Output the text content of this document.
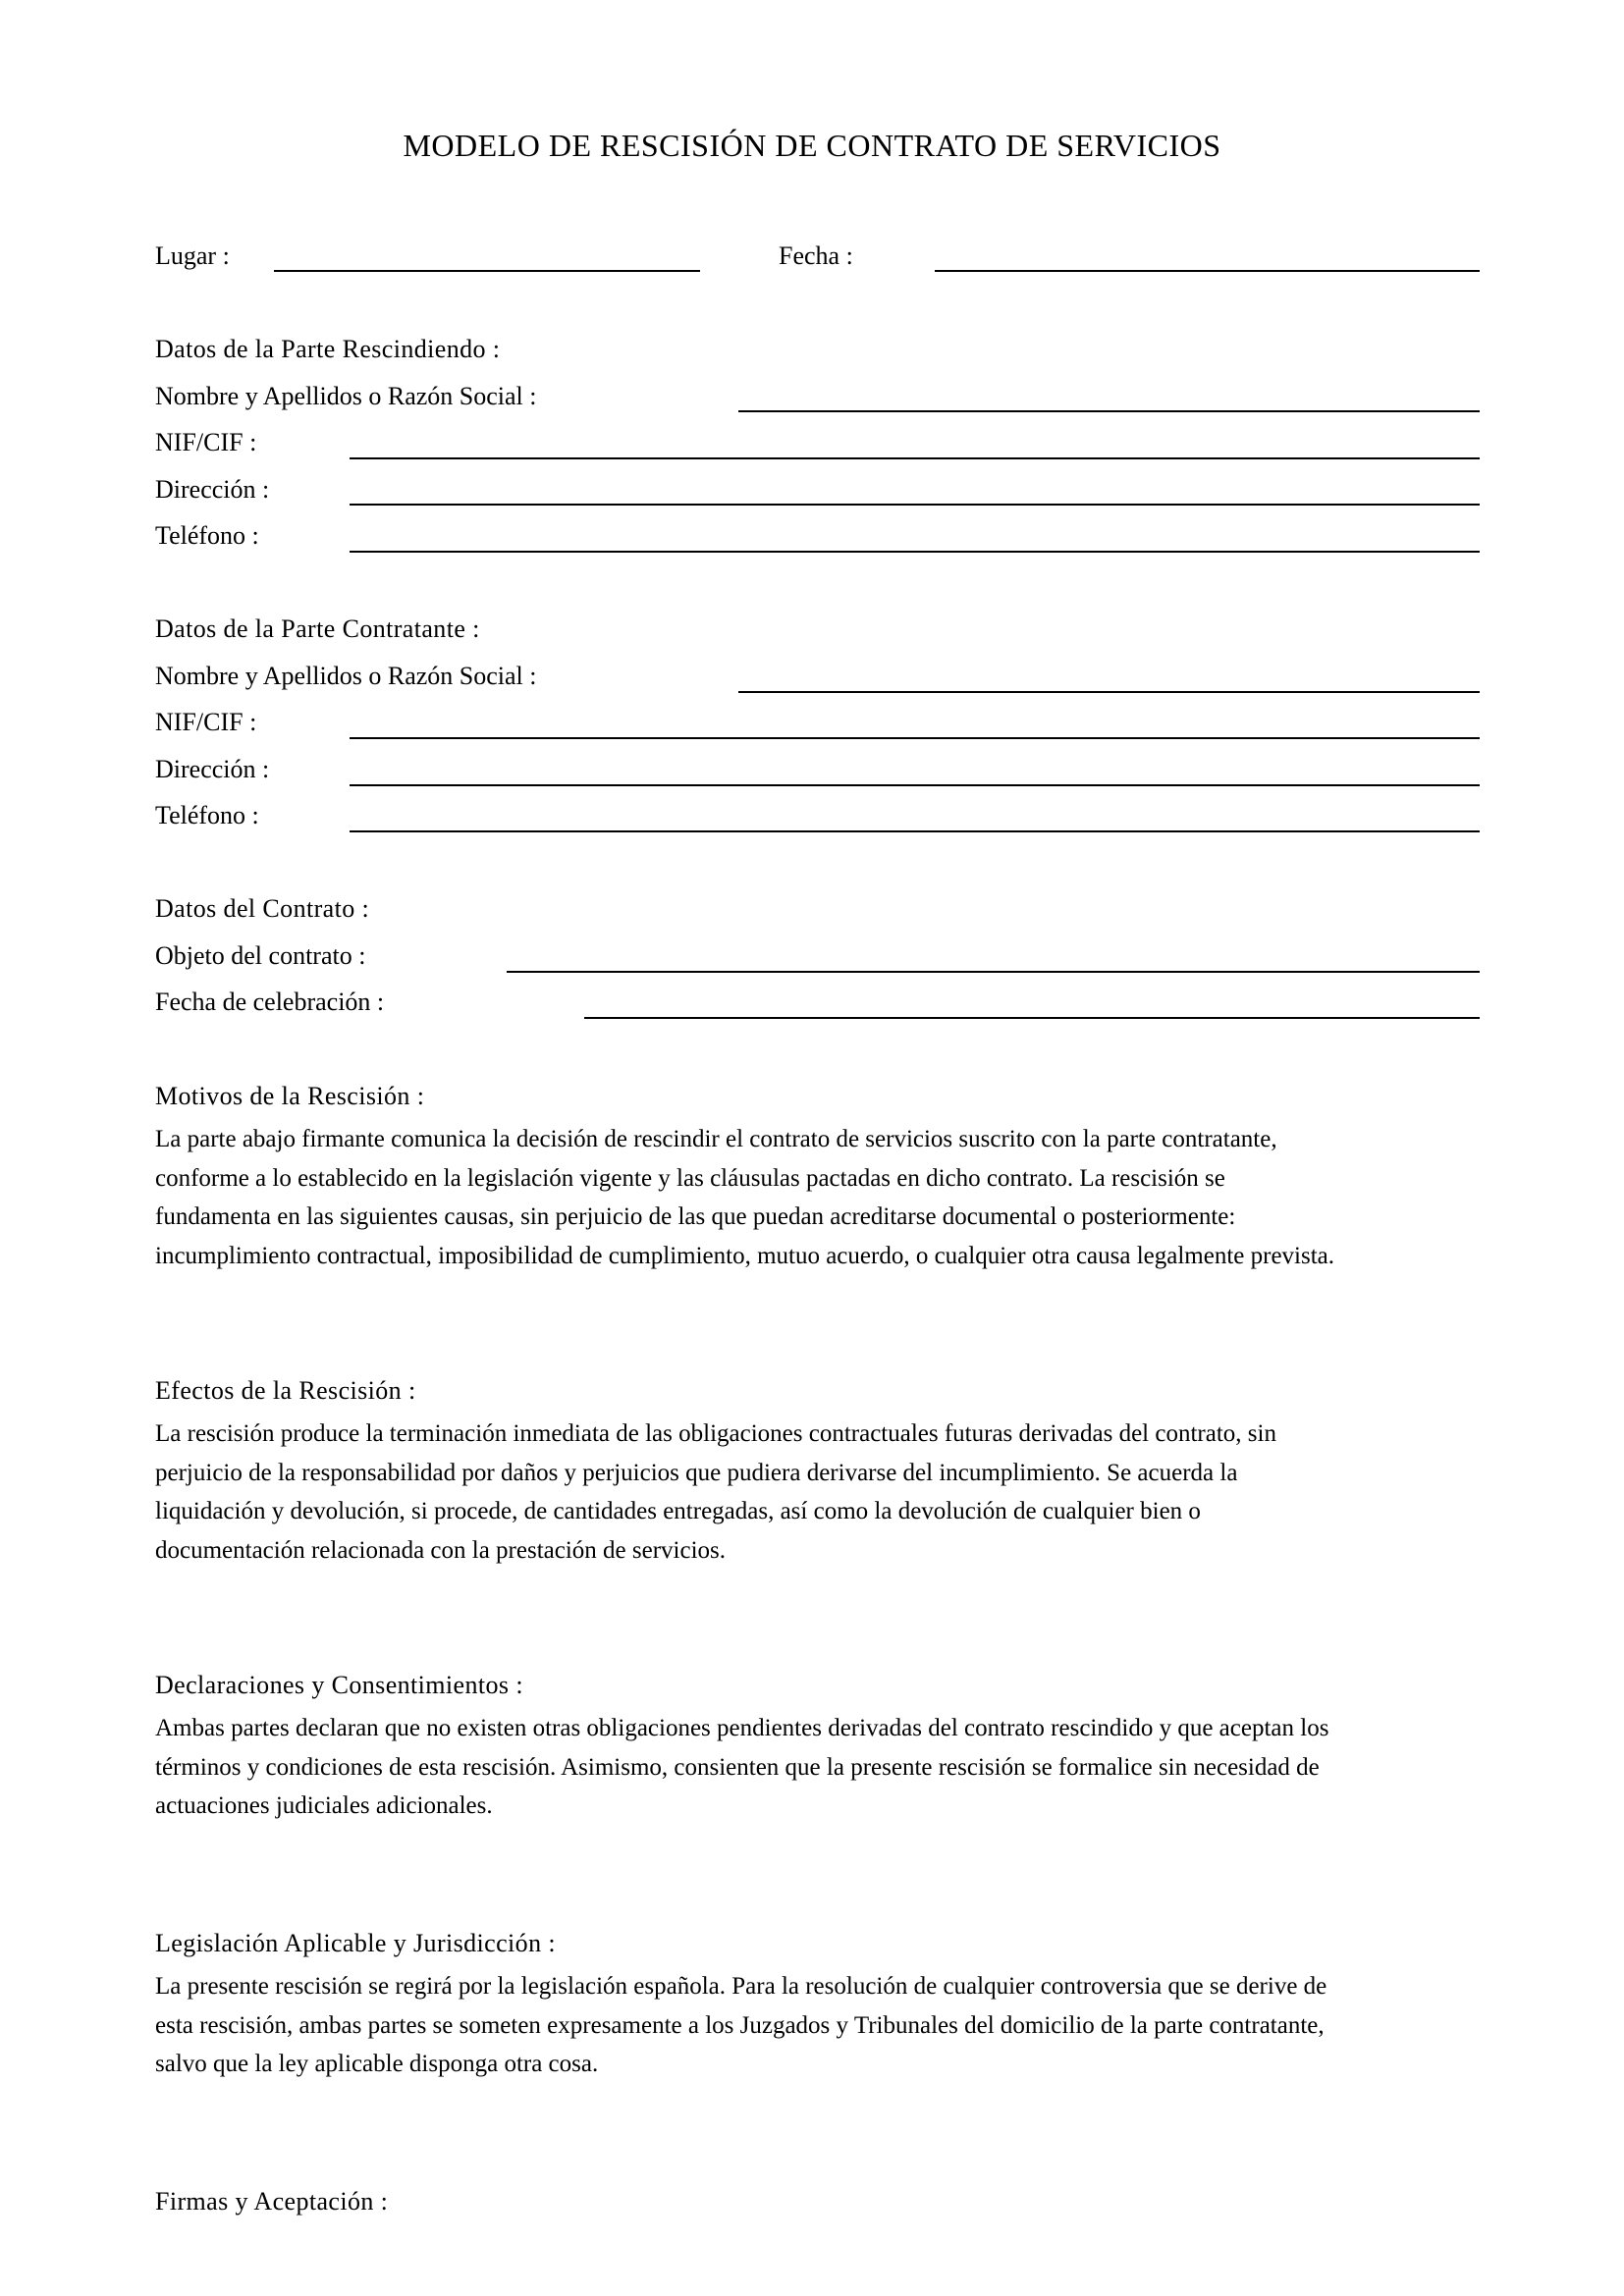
MODELO DE RESCISIÓN DE CONTRATO DE SERVICIOS
Lugar :	Fecha :
Datos de la Parte Rescindiendo :
Nombre y Apellidos o Razón Social :
NIF/CIF :
Dirección :
Teléfono :
Datos de la Parte Contratante :
Nombre y Apellidos o Razón Social :
NIF/CIF :
Dirección :
Teléfono :
Datos del Contrato :
Objeto del contrato :
Fecha de celebración :
Motivos de la Rescisión :
La parte abajo firmante comunica la decisión de rescindir el contrato de servicios suscrito con la parte contratante,
conforme a lo establecido en la legislación vigente y las cláusulas pactadas en dicho contrato. La rescisión se
fundamenta en las siguientes causas, sin perjuicio de las que puedan acreditarse documental o posteriormente:
incumplimiento contractual, imposibilidad de cumplimiento, mutuo acuerdo, o cualquier otra causa legalmente prevista.
Efectos de la Rescisión :
La rescisión produce la terminación inmediata de las obligaciones contractuales futuras derivadas del contrato, sin
perjuicio de la responsabilidad por daños y perjuicios que pudiera derivarse del incumplimiento. Se acuerda la
liquidación y devolución, si procede, de cantidades entregadas, así como la devolución de cualquier bien o
documentación relacionada con la prestación de servicios.
Declaraciones y Consentimientos :
Ambas partes declaran que no existen otras obligaciones pendientes derivadas del contrato rescindido y que aceptan los
términos y condiciones de esta rescisión. Asimismo, consienten que la presente rescisión se formalice sin necesidad de
actuaciones judiciales adicionales.
Legislación Aplicable y Jurisdicción :
La presente rescisión se regirá por la legislación española. Para la resolución de cualquier controversia que se derive de
esta rescisión, ambas partes se someten expresamente a los Juzgados y Tribunales del domicilio de la parte contratante,
salvo que la ley aplicable disponga otra cosa.
Firmas y Aceptación :
